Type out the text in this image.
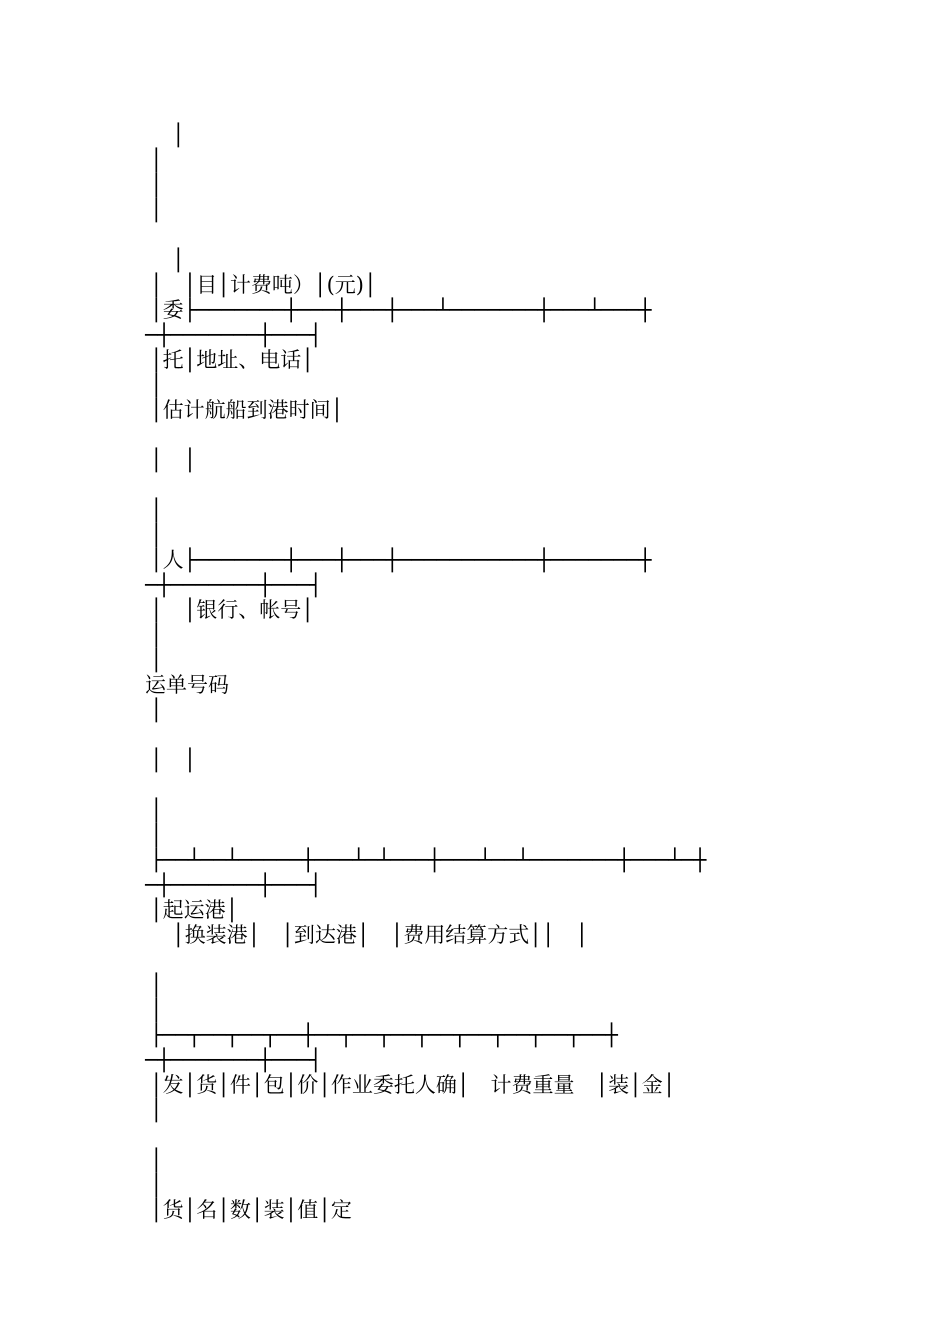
│
│
│
│
│
│　│目│计费吨）│(元)│
│委├───────┼───┼───┼───┴───────┼───┴───┼
─┼───────┼───┤
│托│地址、电话│
│
│估计航船到港时间│
│　│
│
│
│人├───────┼───┼───┼───────────┼───────┼
─┼───────┼───┤
│　│银行、帐号│
│
│
运单号码
│
│　│
│
│
├──┴──┴─────┼───┴─┴───┼───┴──┴───────┼───┴─┼
─┼───────┼───┤
│起运港│
│换装港│　│到达港│　│费用结算方式││　│
│
│
├──┬──┬──┬──┼──┬──┬──┬──┬──┬──┬──┬──┼
─┼───────┼───┤
│发│货│件│包│价│作业委托人确│　计费重量　│装│金│
│
│
│
│货│名│数│装│值│定
